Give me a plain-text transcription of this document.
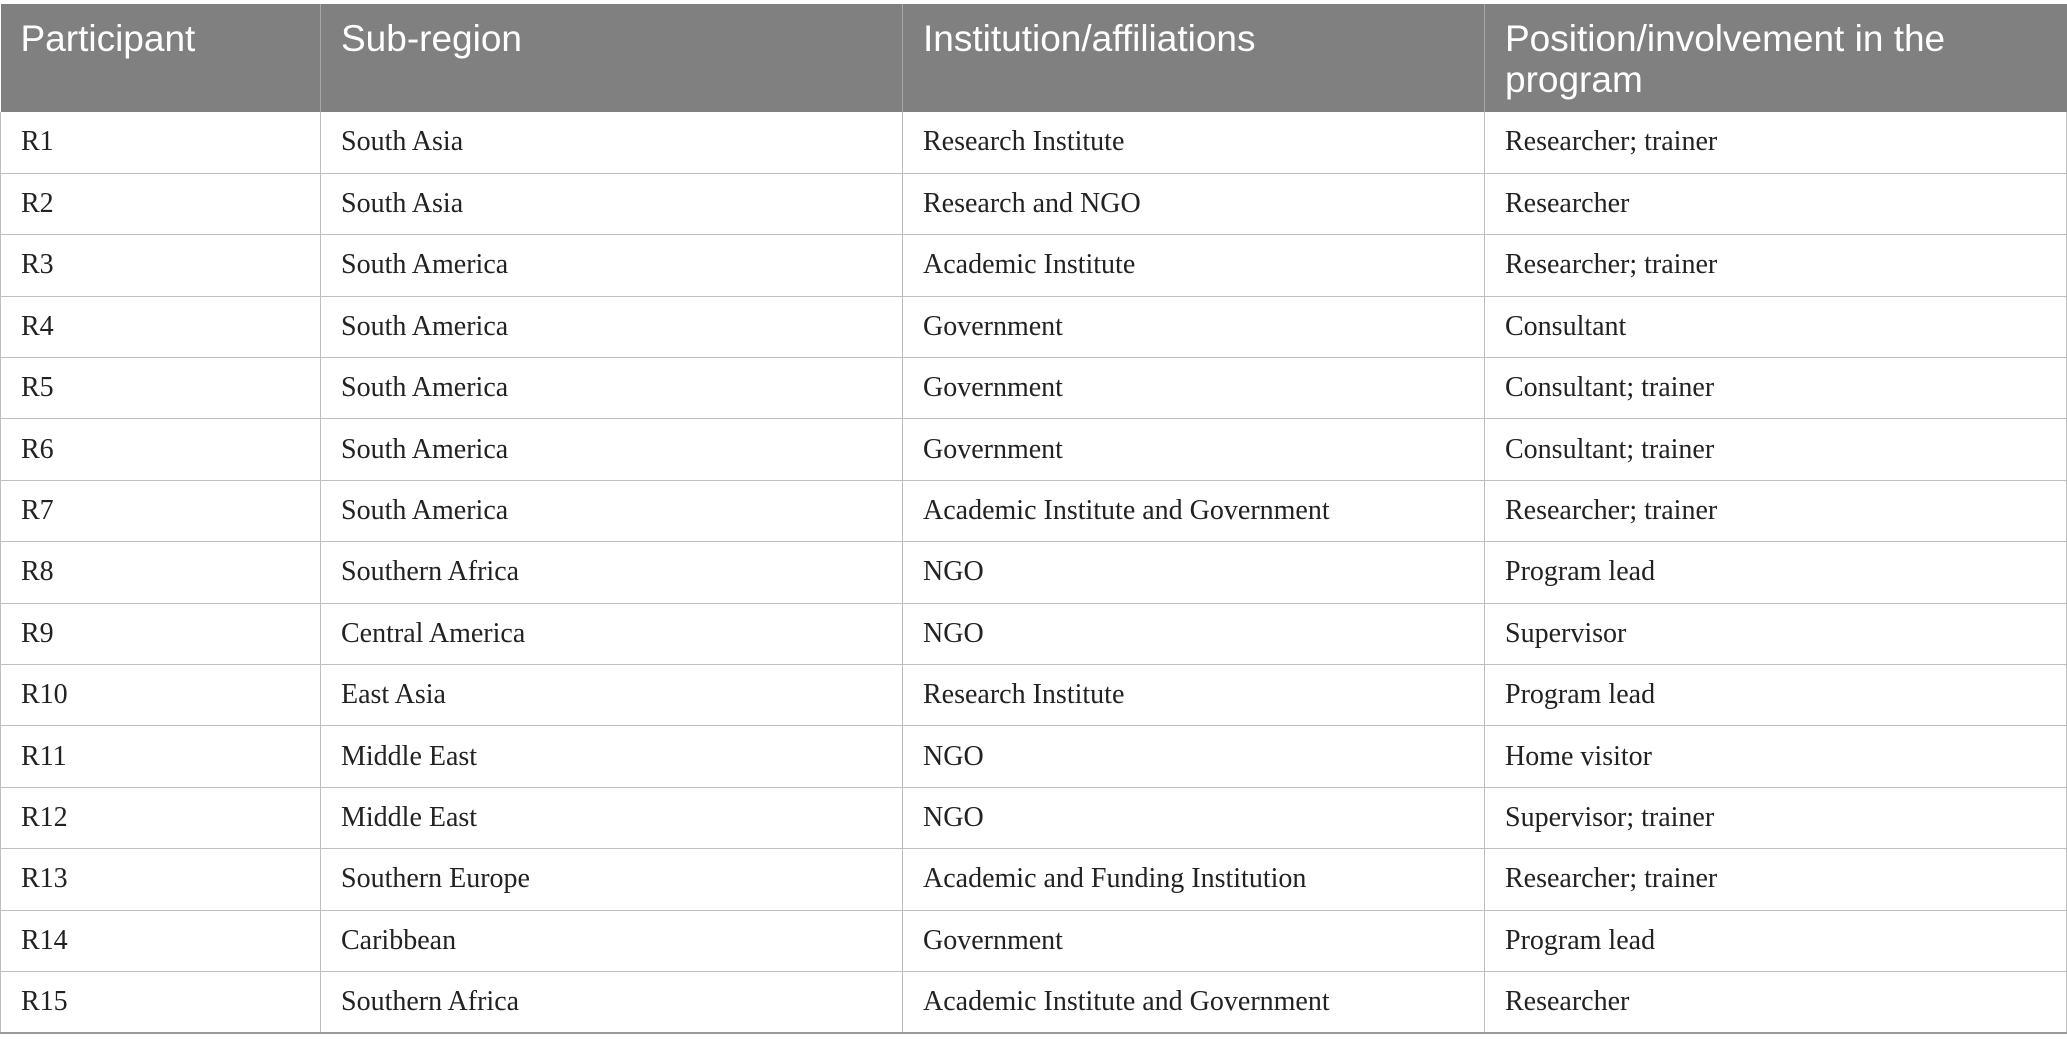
Participant	Sub-region	Institution/affiliations	Position/involvement in the program
R1	South Asia	Research Institute	Researcher; trainer
R2	South Asia	Research and NGO	Researcher
R3	South America	Academic Institute	Researcher; trainer
R4	South America	Government	Consultant
R5	South America	Government	Consultant; trainer
R6	South America	Government	Consultant; trainer
R7	South America	Academic Institute and Government	Researcher; trainer
R8	Southern Africa	NGO	Program lead
R9	Central America	NGO	Supervisor
R10	East Asia	Research Institute	Program lead
R11	Middle East	NGO	Home visitor
R12	Middle East	NGO	Supervisor; trainer
R13	Southern Europe	Academic and Funding Institution	Researcher; trainer
R14	Caribbean	Government	Program lead
R15	Southern Africa	Academic Institute and Government	Researcher
